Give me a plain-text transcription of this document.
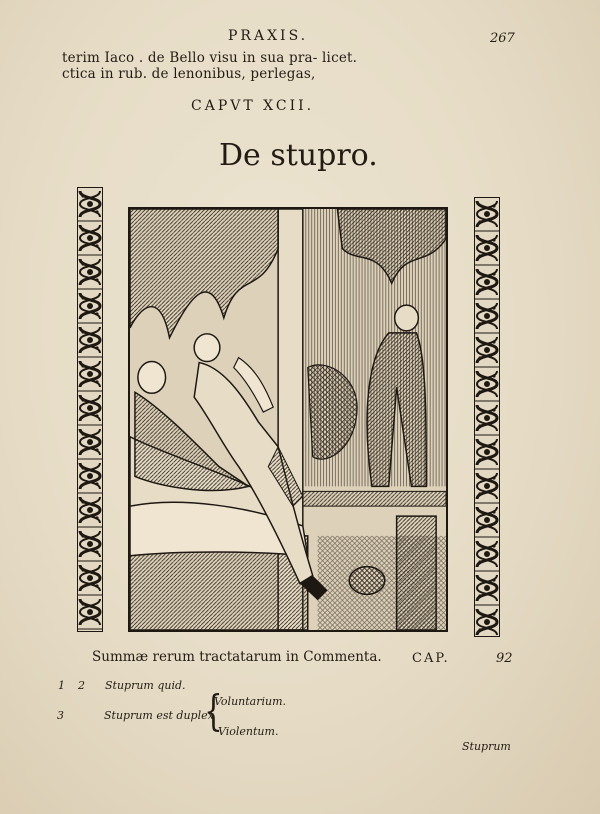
PRAXIS.	267
terim Iaco . de Bello visu in sua pra- licet.
ctica in rub. de lenonibus, perlegas,
CAPVT XCII.
De stupro.
Summæ rerum tractatarum in Commenta. CAP.	92
1 2 Stuprum quid.
3	Stuprum est duplex
{
Voluntarium.
Violentum.
Stuprum
